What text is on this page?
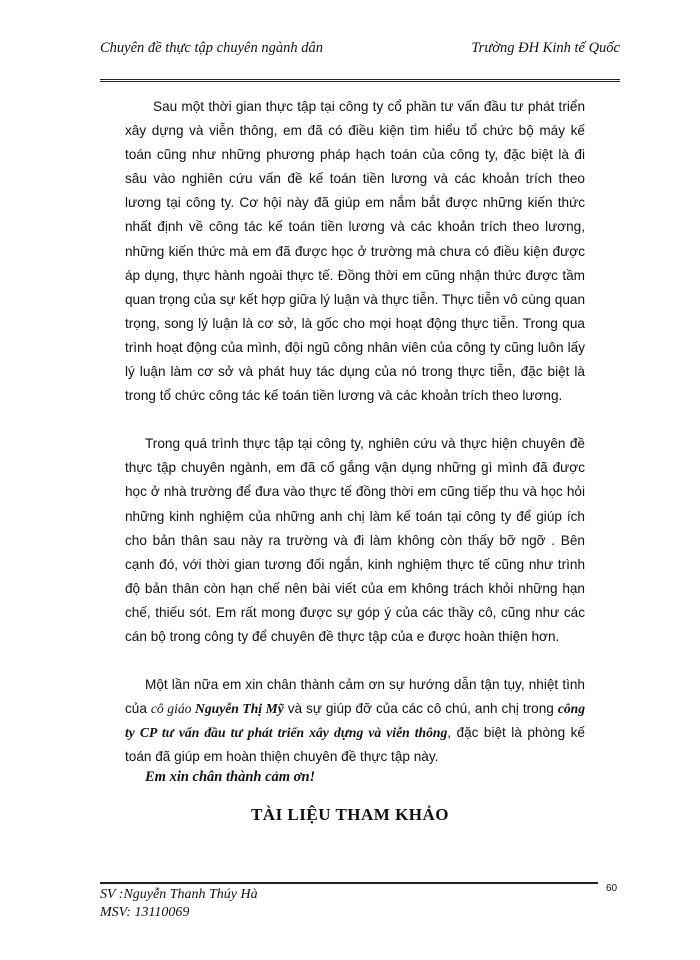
Chuyên đề thực tập chuyên ngành dân	Trường ĐH Kinh tế Quốc

Sau một thời gian thực tập tại công ty cổ phần tư vấn đầu tư phát triển xây dựng và viễn thông, em đã có điều kiện tìm hiểu tổ chức bộ máy kế toán cũng như những phương pháp hạch toán của công ty, đặc biệt là đi sâu vào nghiên cứu vấn đề kế toán tiền lương và các khoản trích theo lương tại công ty. Cơ hội này đã giúp em nắm bắt được những kiến thức nhất định về công tác kế toán tiền lương và các khoản trích theo lương, những kiến thức mà em đã được học ở trường mà chưa có điều kiện được áp dụng, thực hành ngoài thực tế. Đồng thời em cũng nhận thức được tầm quan trọng của sự kết hợp giữa lý luận và thực tiễn. Thực tiễn vô cùng quan trọng, song lý luận là cơ sở, là gốc cho mọi hoạt động thực tiễn. Trong qua trình hoạt động của mình, đội ngũ công nhân viên của công ty cũng luôn lấy lý luận làm cơ sở và phát huy tác dụng của nó trong thực tiễn, đặc biệt là trong tổ chức công tác kế toán tiền lương và các khoản trích theo lương.

Trong quá trình thực tập tại công ty, nghiên cứu và thực hiện chuyên đề thực tập chuyên ngành, em đã cố gắng vận dụng những gì mình đã được học ở nhà trường để đưa vào thực tế đồng thời em cũng tiếp thu và học hỏi những kinh nghiệm của những anh chị làm kế toán tại công ty để giúp ích cho bản thân sau này ra trường và đi làm không còn thấy bỡ ngỡ . Bên cạnh đó, với thời gian tương đối ngắn, kinh nghiệm thực tế cũng như trình độ bản thân còn hạn chế nên bài viết của em không trách khỏi những hạn chế, thiếu sót. Em rất mong được sự góp ý của các thầy cô, cũng như các cán bộ trong công ty để chuyên đề thực tập của e được hoàn thiện hơn.

Một lần nữa em xin chân thành cảm ơn sự hướng dẫn tận tụy, nhiệt tình của cô giáo Nguyễn Thị Mỹ và sự giúp đỡ của các cô chú, anh chị trong công ty CP tư vấn đầu tư phát triển xây dựng và viễn thông, đặc biệt là phòng kế toán đã giúp em hoàn thiện chuyên đề thực tập này.

Em xin chân thành cảm ơn!
TÀI LIỆU THAM KHẢO
60
SV :Nguyễn Thanh Thúy Hà
MSV: 13110069
